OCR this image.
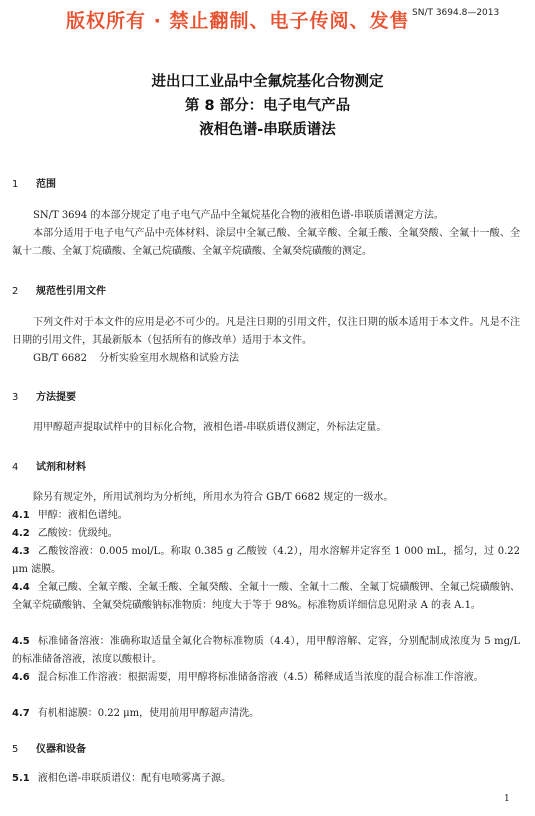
版权所有 · 禁止翻制、电子传阅、发售 SN/T 3694.8—2013
进出口工业品中全氟烷基化合物测定
第 8 部分：电子电气产品
液相色谱-串联质谱法
1 范围
SN/T 3694 的本部分规定了电子电气产品中全氟烷基化合物的液相色谱-串联质谱测定方法。
本部分适用于电子电气产品中壳体材料、涂层中全氟己酸、全氟辛酸、全氟壬酸、全氟癸酸、全氟十一酸、全氟十二酸、全氟丁烷磺酸、全氟己烷磺酸、全氟辛烷磺酸、全氟癸烷磺酸的测定。
2 规范性引用文件
下列文件对于本文件的应用是必不可少的。凡是注日期的引用文件，仅注日期的版本适用于本文件。凡是不注日期的引用文件，其最新版本（包括所有的修改单）适用于本文件。
GB/T 6682 分析实验室用水规格和试验方法
3 方法提要
用甲醇超声提取试样中的目标化合物，液相色谱-串联质谱仪测定，外标法定量。
4 试剂和材料
除另有规定外，所用试剂均为分析纯，所用水为符合 GB/T 6682 规定的一级水。
4.1 甲醇：液相色谱纯。
4.2 乙酸铵：优级纯。
4.3 乙酸铵溶液：0.005 mol/L。称取 0.385 g 乙酸铵（4.2），用水溶解并定容至 1 000 mL，摇匀，过 0.22 μm 滤膜。
4.4 全氟己酸、全氟辛酸、全氟壬酸、全氟癸酸、全氟十一酸、全氟十二酸、全氟丁烷磺酸钾、全氟己烷磺酸钠、全氟辛烷磺酸钠、全氟癸烷磺酸钠标准物质：纯度大于等于 98%。标准物质详细信息见附录 A 的表 A.1。
4.5 标准储备溶液：准确称取适量全氟化合物标准物质（4.4），用甲醇溶解、定容，分别配制成浓度为 5 mg/L 的标准储备溶液，浓度以酸根计。
4.6 混合标准工作溶液：根据需要，用甲醇将标准储备溶液（4.5）稀释成适当浓度的混合标准工作溶液。
4.7 有机相滤膜：0.22 μm，使用前用甲醇超声清洗。
5 仪器和设备
5.1 液相色谱-串联质谱仪：配有电喷雾离子源。
1
